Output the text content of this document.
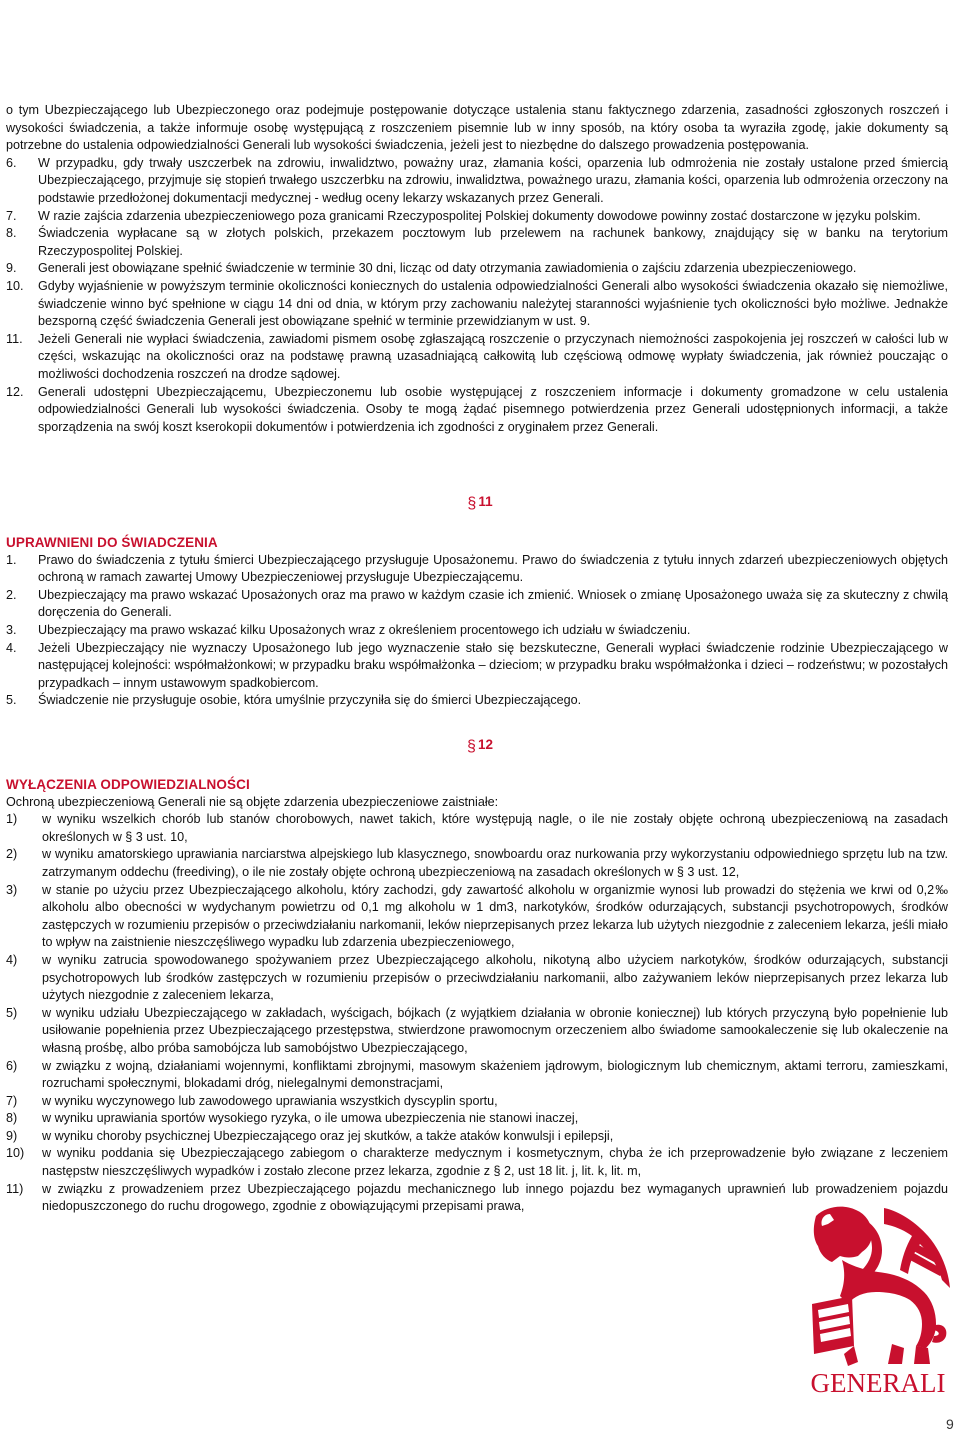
o tym Ubezpieczającego lub Ubezpieczonego oraz podejmuje postępowanie dotyczące ustalenia stanu faktycznego zdarzenia, zasadności zgłoszonych roszczeń i wysokości świadczenia, a także informuje osobę występującą z roszczeniem pisemnie lub w inny sposób, na który osoba ta wyraziła zgodę, jakie dokumenty są potrzebne do ustalenia odpowiedzialności Generali lub wysokości świadczenia, jeżeli jest to niezbędne do dalszego prowadzenia postępowania.

6.	W przypadku, gdy trwały uszczerbek na zdrowiu, inwalidztwo, poważny uraz, złamania kości, oparzenia lub odmrożenia nie zostały ustalone przed śmiercią Ubezpieczającego, przyjmuje się stopień trwałego uszczerbku na zdrowiu, inwalidztwa, poważnego urazu, złamania kości, oparzenia lub odmrożenia orzeczony na podstawie przedłożonej dokumentacji medycznej - według oceny lekarzy wskazanych przez Generali.
7.	W razie zajścia zdarzenia ubezpieczeniowego poza granicami Rzeczypospolitej Polskiej dokumenty dowodowe powinny zostać dostarczone w języku polskim.
8.	Świadczenia wypłacane są w złotych polskich, przekazem pocztowym lub przelewem na rachunek bankowy, znajdujący się w banku na terytorium Rzeczypospolitej Polskiej.
9.	Generali jest obowiązane spełnić świadczenie w terminie 30 dni, licząc od daty otrzymania zawiadomienia o zajściu zdarzenia ubezpieczeniowego.
10.	Gdyby wyjaśnienie w powyższym terminie okoliczności koniecznych do ustalenia odpowiedzialności Generali albo wysokości świadczenia okazało się niemożliwe, świadczenie winno być spełnione w ciągu 14 dni od dnia, w którym przy zachowaniu należytej staranności wyjaśnienie tych okoliczności było możliwe. Jednakże bezsporną część świadczenia Generali jest obowiązane spełnić w terminie przewidzianym w ust. 9.
11.	Jeżeli Generali nie wypłaci świadczenia, zawiadomi pismem osobę zgłaszającą roszczenie o przyczynach niemożności zaspokojenia jej roszczeń w całości lub w części, wskazując na okoliczności oraz na podstawę prawną uzasadniającą całkowitą lub częściową odmowę wypłaty świadczenia, jak również pouczając o możliwości dochodzenia roszczeń na drodze sądowej.
12.	Generali udostępni Ubezpieczającemu, Ubezpieczonemu lub osobie występującej z roszczeniem informacje i dokumenty gromadzone w celu ustalenia odpowiedzialności Generali lub wysokości świadczenia. Osoby te mogą żądać pisemnego potwierdzenia przez Generali udostępnionych informacji, a także sporządzenia na swój koszt kserokopii dokumentów i potwierdzenia ich zgodności z oryginałem przez Generali.
§ 11

UPRAWNIENI DO ŚWIADCZENIA

1.	Prawo do świadczenia z tytułu śmierci Ubezpieczającego przysługuje Uposażonemu. Prawo do świadczenia z tytułu innych zdarzeń ubezpieczeniowych objętych ochroną w ramach zawartej Umowy Ubezpieczeniowej przysługuje Ubezpieczającemu.
2.	Ubezpieczający ma prawo wskazać Uposażonych oraz ma prawo w każdym czasie ich zmienić. Wniosek o zmianę Uposażonego uważa się za skuteczny z chwilą doręczenia do Generali.
3.	Ubezpieczający ma prawo wskazać kilku Uposażonych wraz z określeniem procentowego ich udziału w świadczeniu.
4.	Jeżeli Ubezpieczający nie wyznaczy Uposażonego lub jego wyznaczenie stało się bezskuteczne, Generali wypłaci świadczenie rodzinie Ubezpieczającego w następującej kolejności: współmałżonkowi; w przypadku braku współmałżonka – dzieciom; w przypadku braku współmałżonka i dzieci – rodzeństwu; w pozostałych przypadkach – innym ustawowym spadkobiercom.
5.	Świadczenie nie przysługuje osobie, która umyślnie przyczyniła się do śmierci Ubezpieczającego.
§ 12

WYŁĄCZENIA ODPOWIEDZIALNOŚCI

Ochroną ubezpieczeniową Generali nie są objęte zdarzenia ubezpieczeniowe zaistniałe:

1)	w wyniku wszelkich chorób lub stanów chorobowych, nawet takich, które występują nagle, o ile nie zostały objęte ochroną ubezpieczeniową na zasadach określonych w § 3 ust. 10,
2)	w wyniku amatorskiego uprawiania narciarstwa alpejskiego lub klasycznego, snowboardu oraz nurkowania przy wykorzystaniu odpowiedniego sprzętu lub na tzw. zatrzymanym oddechu (freediving), o ile nie zostały objęte ochroną ubezpieczeniową na zasadach określonych w § 3 ust. 12,
3)	w stanie po użyciu przez Ubezpieczającego alkoholu, który zachodzi, gdy zawartość alkoholu w organizmie wynosi lub prowadzi do stężenia we krwi od 0,2‰ alkoholu albo obecności w wydychanym powietrzu od 0,1 mg alkoholu w 1 dm3, narkotyków, środków odurzających, substancji psychotropowych, środków zastępczych w rozumieniu przepisów o przeciwdziałaniu narkomanii, leków nieprzepisanych przez lekarza lub użytych niezgodnie z zaleceniem lekarza, jeśli miało to wpływ na zaistnienie nieszczęśliwego wypadku lub zdarzenia ubezpieczeniowego,
4)	w wyniku zatrucia spowodowanego spożywaniem przez Ubezpieczającego alkoholu, nikotyną albo użyciem narkotyków, środków odurzających, substancji psychotropowych lub środków zastępczych w rozumieniu przepisów o przeciwdziałaniu narkomanii, albo zażywaniem leków nieprzepisanych przez lekarza lub użytych niezgodnie z zaleceniem lekarza,
5)	w wyniku udziału Ubezpieczającego w zakładach, wyścigach, bójkach (z wyjątkiem działania w obronie koniecznej) lub których przyczyną było popełnienie lub usiłowanie popełnienia przez Ubezpieczającego przestępstwa, stwierdzone prawomocnym orzeczeniem albo świadome samookaleczenie się lub okaleczenie na własną prośbę, albo próba samobójcza lub samobójstwo Ubezpieczającego,
6)	w związku z wojną, działaniami wojennymi, konfliktami zbrojnymi, masowym skażeniem jądrowym, biologicznym lub chemicznym, aktami terroru, zamieszkami, rozruchami społecznymi, blokadami dróg, nielegalnymi demonstracjami,
7)	w wyniku wyczynowego lub zawodowego uprawiania wszystkich dyscyplin sportu,
8)	w wyniku uprawiania sportów wysokiego ryzyka, o ile umowa ubezpieczenia nie stanowi inaczej,
9)	w wyniku choroby psychicznej Ubezpieczającego oraz jej skutków, a także ataków konwulsji i epilepsji,
10)	w wyniku poddania się Ubezpieczającego zabiegom o charakterze medycznym i kosmetycznym, chyba że ich przeprowadzenie było związane z leczeniem następstw nieszczęśliwych wypadków i zostało zlecone przez lekarza, zgodnie z § 2, ust 18 lit. j, lit. k, lit. m,
11)	w związku z prowadzeniem przez Ubezpieczającego pojazdu mechanicznego lub innego pojazdu bez wymaganych uprawnień lub prowadzeniem pojazdu niedopuszczonego do ruchu drogowego, zgodnie z obowiązującymi przepisami prawa,
GENERALI
9
